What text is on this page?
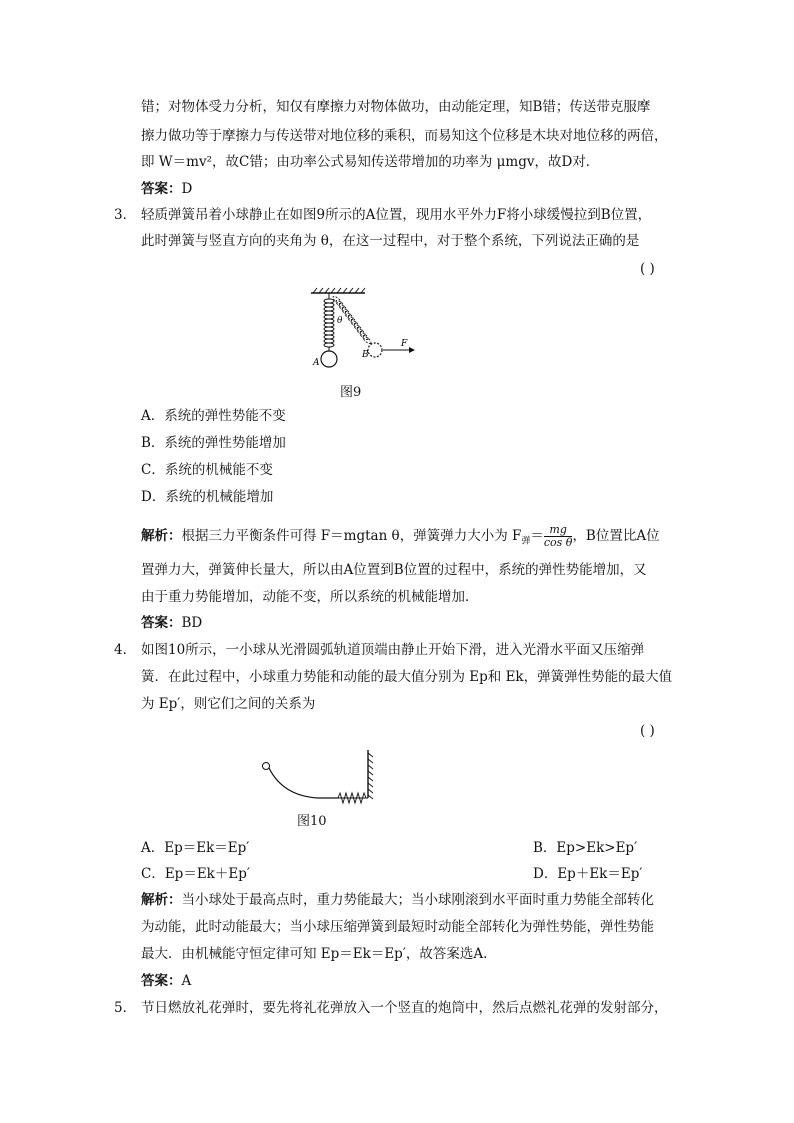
错；对物体受力分析，知仅有摩擦力对物体做功，由动能定理，知B错；传送带克服摩
擦力做功等于摩擦力与传送带对地位移的乘积，而易知这个位移是木块对地位移的两倍，
即 W＝mv²，故C错；由功率公式易知传送带增加的功率为 μmgv，故D对．
答案：D
3． 轻质弹簧吊着小球静止在如图9所示的A位置，现用水平外力F将小球缓慢拉到B位置，
此时弹簧与竖直方向的夹角为 θ，在这一过程中，对于整个系统，下列说法正确的是
( )
θ
A
B
F
图9
A．系统的弹性势能不变
B．系统的弹性势能增加
C．系统的机械能不变
D．系统的机械能增加
解析：根据三力平衡条件可得 F＝mgtan θ，弹簧弹力大小为 $F_弹= \frac{mg}{\text{cos θ}}$ ，B位置比A位
置弹力大，弹簧伸长量大，所以由A位置到B位置的过程中，系统的弹性势能增加，又
由于重力势能增加，动能不变，所以系统的机械能增加．
答案：BD
4． 如图10所示，一小球从光滑圆弧轨道顶端由静止开始下滑，进入光滑水平面又压缩弹
簧．在此过程中，小球重力势能和动能的最大值分别为 Ep和 Ek，弹簧弹性势能的最大值
为 Ep′，则它们之间的关系为
( )
图10
A．Ep＝Ek＝Ep′	B．Ep>Ek>Ep′
C．Ep＝Ek＋Ep′	D．Ep＋Ek＝Ep′
解析：当小球处于最高点时，重力势能最大；当小球刚滚到水平面时重力势能全部转化
为动能，此时动能最大；当小球压缩弹簧到最短时动能全部转化为弹性势能，弹性势能
最大．由机械能守恒定律可知 Ep＝Ek＝Ep′，故答案选A.
答案：A
5． 节日燃放礼花弹时，要先将礼花弹放入一个竖直的炮筒中，然后点燃礼花弹的发射部分，
